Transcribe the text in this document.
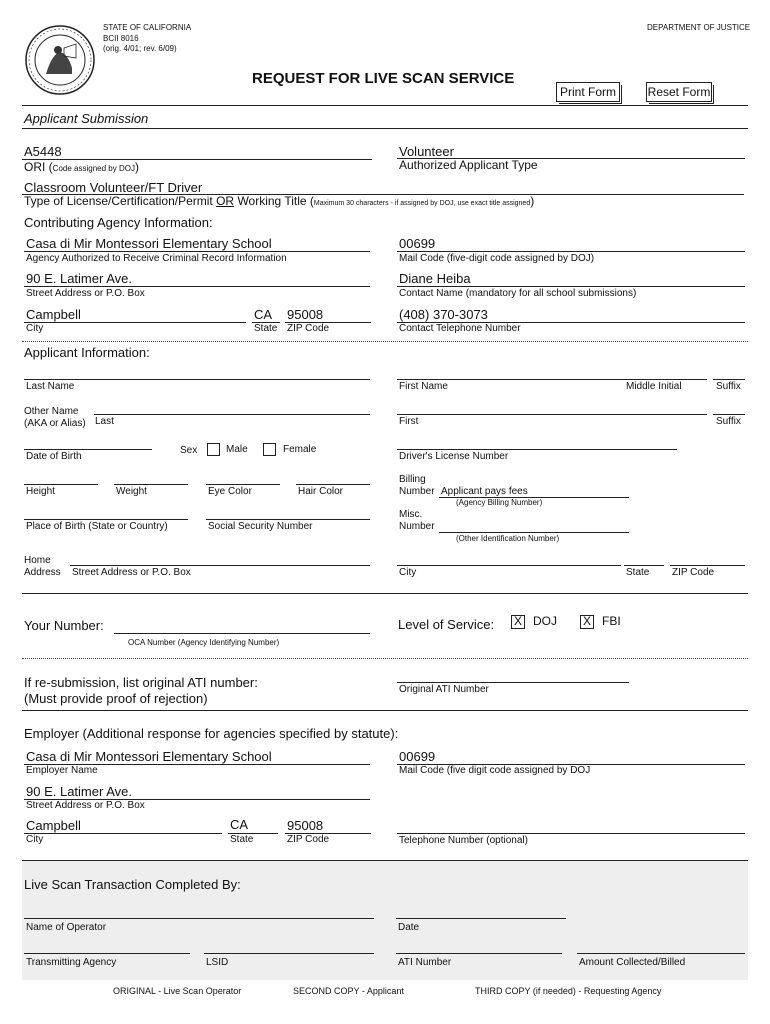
STATE OF CALIFORNIA
BCII 8016
(orig. 4/01; rev. 6/09)
DEPARTMENT OF JUSTICE
REQUEST FOR LIVE SCAN SERVICE
Print Form	Reset Form
Applicant Submission
A5448
ORI (Code assigned by DOJ)
Volunteer
Authorized Applicant Type
Classroom Volunteer/FT Driver
Type of License/Certification/Permit OR Working Title (Maximum 30 characters - if assigned by DOJ, use exact title assigned)
Contributing Agency Information:
Casa di Mir Montessori Elementary School
Agency Authorized to Receive Criminal Record Information
00699
Mail Code (five-digit code assigned by DOJ)
90 E. Latimer Ave.
Street Address or P.O. Box
Diane Heiba
Contact Name (mandatory for all school submissions)
Campbell
City
CA
State
95008
ZIP Code
(408) 370-3073
Contact Telephone Number
Applicant Information:
Last Name	First Name	Middle Initial	Suffix
Other Name
(AKA or Alias) Last	First	Suffix
Date of Birth
Sex	Male	Female
Driver's License Number
Height	Weight	Eye Color	Hair Color
Billing
Number Applicant pays fees
(Agency Billing Number)
Place of Birth (State or Country)	Social Security Number
Misc.
Number
(Other Identification Number)
Home
Address Street Address or P.O. Box	City	State ZIP Code
Your Number:
OCA Number (Agency Identifying Number)
Level of Service: X DOJ X FBI
If re-submission, list original ATI number:
(Must provide proof of rejection)
Original ATI Number
Employer (Additional response for agencies specified by statute):
Casa di Mir Montessori Elementary School
Employer Name
00699
Mail Code (five digit code assigned by DOJ
90 E. Latimer Ave.
Street Address or P.O. Box
Campbell
City
CA
State
95008
ZIP Code	Telephone Number (optional)
Live Scan Transaction Completed By:
Name of Operator	Date
Transmitting Agency	LSID	ATI Number	Amount Collected/Billed
ORIGINAL - Live Scan Operator	SECOND COPY - Applicant	THIRD COPY (if needed) - Requesting Agency
